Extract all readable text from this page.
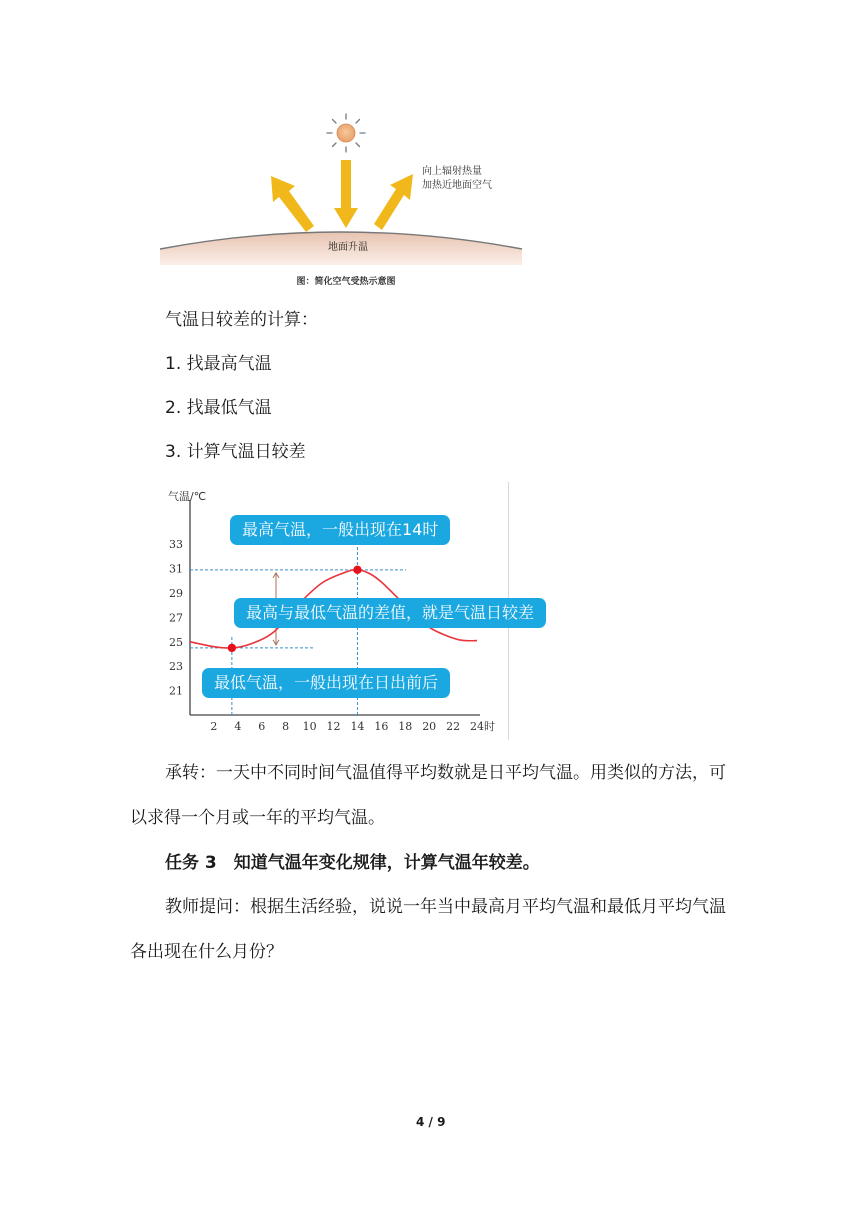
地面升温
向上辐射热量
加热近地面空气
图：简化空气受热示意图
气温日较差的计算：
1. 找最高气温
2. 找最低气温
3. 计算气温日较差
21
23
25
27
29
31
33
2 4 6 8 10 12 14 16 18 20 22 24
气温/℃
时
最高气温，一般出现在14时
最高与最低气温的差值，就是气温日较差
最低气温，一般出现在日出前后
承转：一天中不同时间气温值得平均数就是日平均气温。用类似的方法，可
以求得一个月或一年的平均气温。
任务 3　知道气温年变化规律，计算气温年较差。
教师提问：根据生活经验，说说一年当中最高月平均气温和最低月平均气温
各出现在什么月份？
4 / 9
